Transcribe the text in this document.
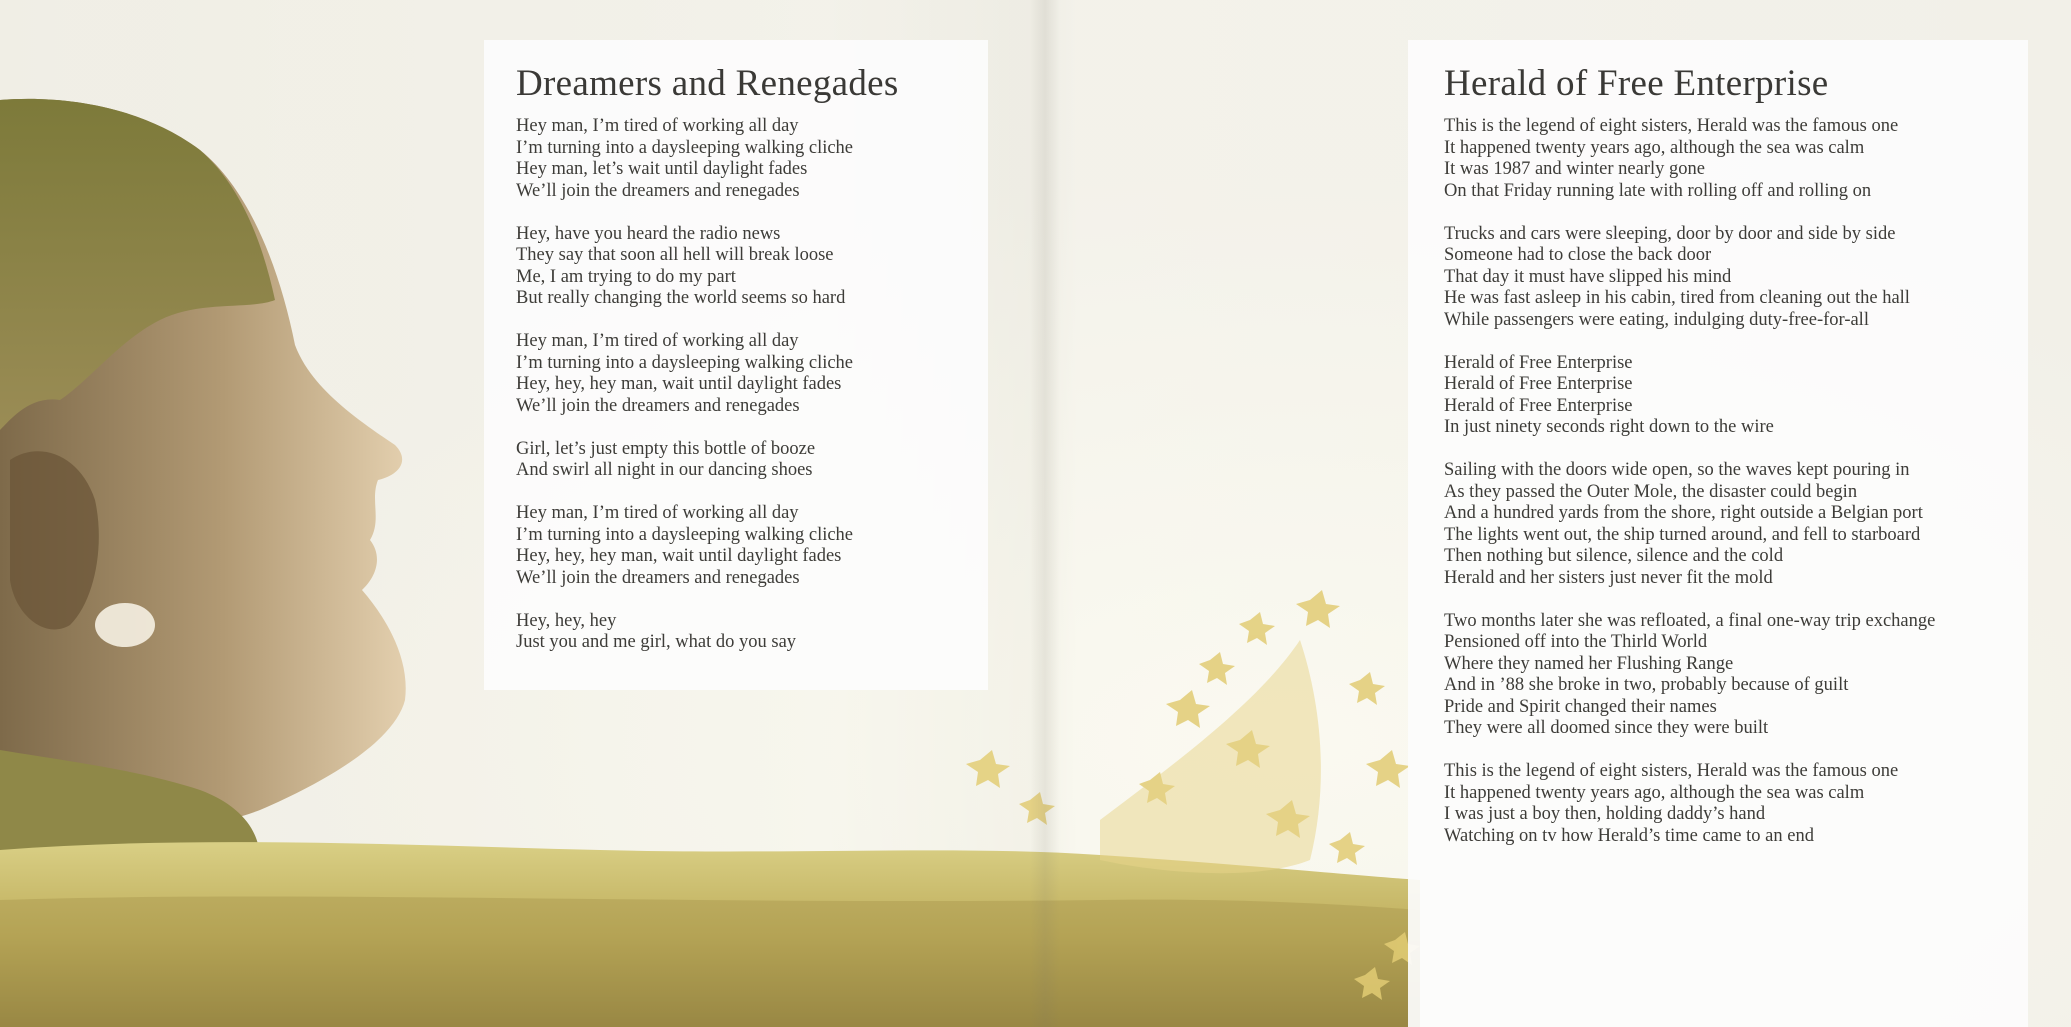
Dreamers and Renegades
Hey man, I’m tired of working all day
I’m turning into a daysleeping walking cliche
Hey man, let’s wait until daylight fades
We’ll join the dreamers and renegades
Hey, have you heard the radio news
They say that soon all hell will break loose
Me, I am trying to do my part
But really changing the world seems so hard
Hey man, I’m tired of working all day
I’m turning into a daysleeping walking cliche
Hey, hey, hey man, wait until daylight fades
We’ll join the dreamers and renegades
Girl, let’s just empty this bottle of booze
And swirl all night in our dancing shoes
Hey man, I’m tired of working all day
I’m turning into a daysleeping walking cliche
Hey, hey, hey man, wait until daylight fades
We’ll join the dreamers and renegades
Hey, hey, hey
Just you and me girl, what do you say
Herald of Free Enterprise
This is the legend of eight sisters, Herald was the famous one
It happened twenty years ago, although the sea was calm
It was 1987 and winter nearly gone
On that Friday running late with rolling off and rolling on
Trucks and cars were sleeping, door by door and side by side
Someone had to close the back door
That day it must have slipped his mind
He was fast asleep in his cabin, tired from cleaning out the hall
While passengers were eating, indulging duty-free-for-all
Herald of Free Enterprise
Herald of Free Enterprise
Herald of Free Enterprise
In just ninety seconds right down to the wire
Sailing with the doors wide open, so the waves kept pouring in
As they passed the Outer Mole, the disaster could begin
And a hundred yards from the shore, right outside a Belgian port
The lights went out, the ship turned around, and fell to starboard
Then nothing but silence, silence and the cold
Herald and her sisters just never fit the mold
Two months later she was refloated, a final one-way trip exchange
Pensioned off into the Thirld World
Where they named her Flushing Range
And in ’88 she broke in two, probably because of guilt
Pride and Spirit changed their names
They were all doomed since they were built
This is the legend of eight sisters, Herald was the famous one
It happened twenty years ago, although the sea was calm
I was just a boy then, holding daddy’s hand
Watching on tv how Herald’s time came to an end
